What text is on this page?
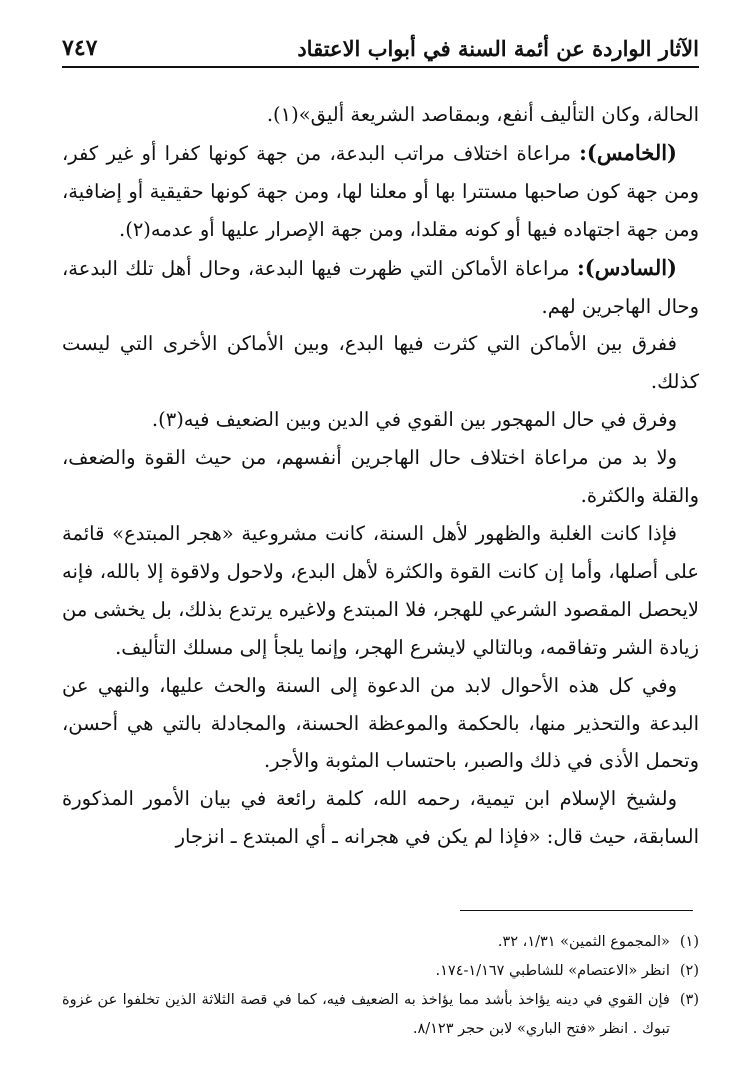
الآثار الواردة عن أئمة السنة في أبواب الاعتقاد
٧٤٧

الحالة، وكان التأليف أنفع، وبمقاصد الشريعة أليق»(١).

(الخامس): مراعاة اختلاف مراتب البدعة، من جهة كونها كفرا أو غير كفر، ومن جهة كون صاحبها مستترا بها أو معلنا لها، ومن جهة كونها حقيقية أو إضافية، ومن جهة اجتهاده فيها أو كونه مقلدا، ومن جهة الإصرار عليها أو عدمه(٢).

(السادس): مراعاة الأماكن التي ظهرت فيها البدعة، وحال أهل تلك البدعة، وحال الهاجرين لهم.

ففرق بين الأماكن التي كثرت فيها البدع، وبين الأماكن الأخرى التي ليست كذلك.

وفرق في حال المهجور بين القوي في الدين وبين الضعيف فيه(٣).

ولا بد من مراعاة اختلاف حال الهاجرين أنفسهم، من حيث القوة والضعف، والقلة والكثرة.

فإذا كانت الغلبة والظهور لأهل السنة، كانت مشروعية «هجر المبتدع» قائمة على أصلها، وأما إن كانت القوة والكثرة لأهل البدع، ولاحول ولاقوة إلا بالله، فإنه لايحصل المقصود الشرعي للهجر، فلا المبتدع ولاغيره يرتدع بذلك، بل يخشى من زيادة الشر وتفاقمه، وبالتالي لايشرع الهجر، وإنما يلجأ إلى مسلك التأليف.

وفي كل هذه الأحوال لابد من الدعوة إلى السنة والحث عليها، والنهي عن البدعة والتحذير منها، بالحكمة والموعظة الحسنة، والمجادلة بالتي هي أحسن، وتحمل الأذى في ذلك والصبر، باحتساب المثوبة والأجر.

ولشيخ الإسلام ابن تيمية، رحمه الله، كلمة رائعة في بيان الأمور المذكورة السابقة، حيث قال: «فإذا لم يكن في هجرانه ـ أي المبتدع ـ انزجار

(١)
«المجموع الثمين» ١/٣١، ٣٢.
(٢)
انظر «الاعتصام» للشاطبي ١/١٦٧-١٧٤.
(٣)
فإن القوي في دينه يؤاخذ بأشد مما يؤاخذ به الضعيف فيه، كما في قصة الثلاثة الذين تخلفوا عن غزوة تبوك . انظر «فتح الباري» لابن حجر ٨/١٢٣.
